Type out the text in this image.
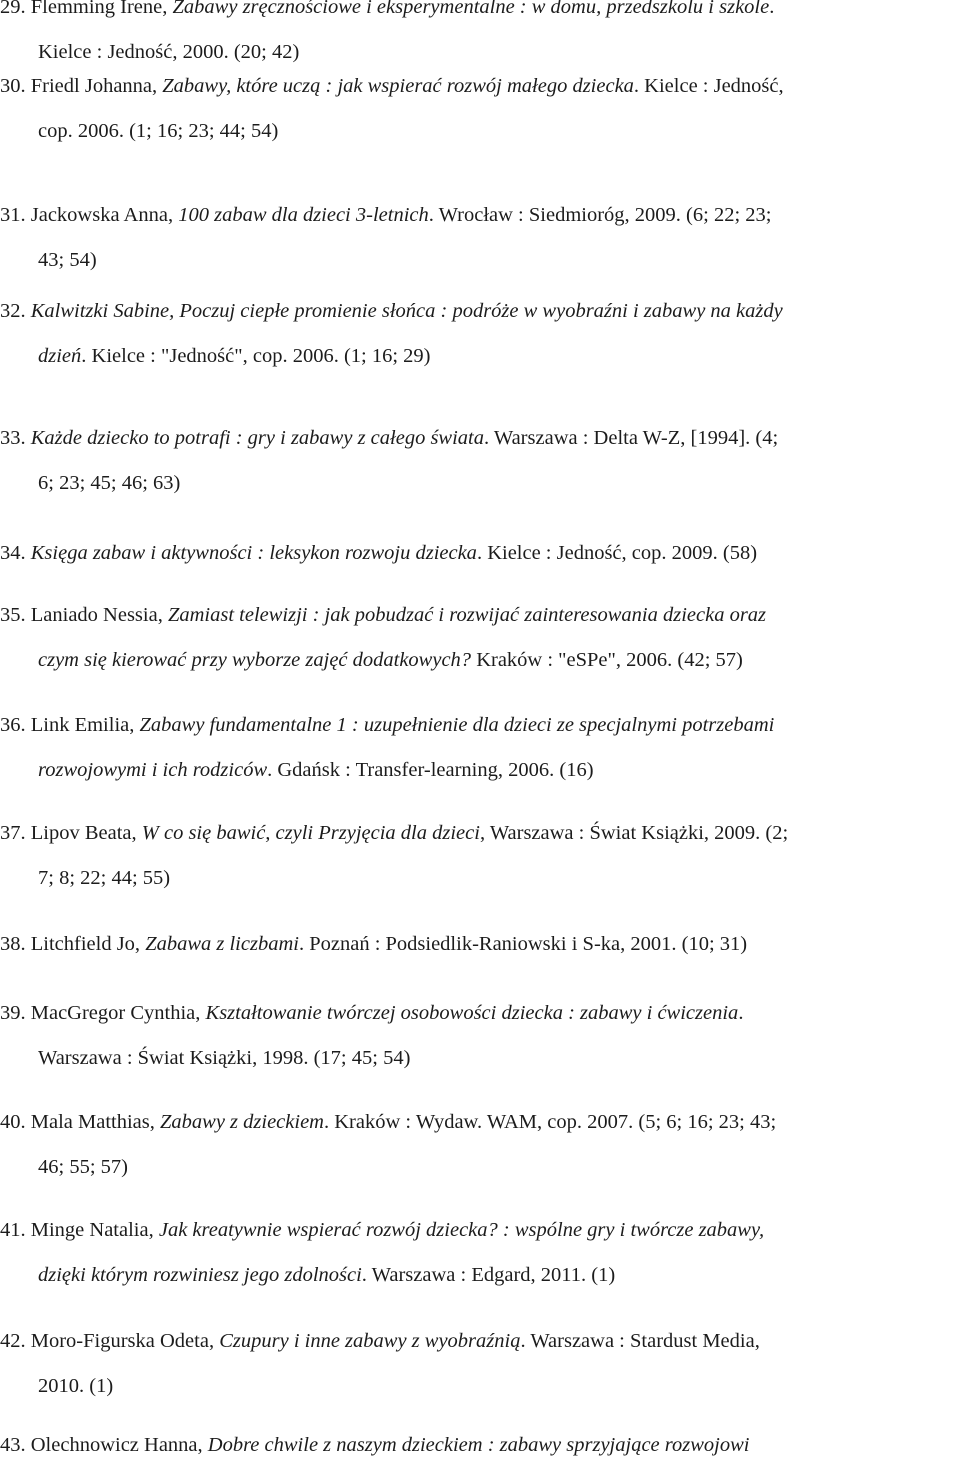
29. Flemming Irene, Zabawy zręcznościowe i eksperymentalne : w domu, przedszkolu i szkole.
Kielce : Jedność, 2000. (20; 42)
30. Friedl Johanna, Zabawy, które uczą : jak wspierać rozwój małego dziecka. Kielce : Jedność,
cop. 2006. (1; 16; 23; 44; 54)
31. Jackowska Anna, 100 zabaw dla dzieci 3-letnich. Wrocław : Siedmioróg, 2009. (6; 22; 23;
43; 54)
32. Kalwitzki Sabine, Poczuj ciepłe promienie słońca : podróże w wyobraźni i zabawy na każdy
dzień. Kielce : "Jedność", cop. 2006. (1; 16; 29)
33. Każde dziecko to potrafi : gry i zabawy z całego świata. Warszawa : Delta W-Z, [1994]. (4;
6; 23; 45; 46; 63)
34. Księga zabaw i aktywności : leksykon rozwoju dziecka. Kielce : Jedność, cop. 2009. (58)
35. Laniado Nessia, Zamiast telewizji : jak pobudzać i rozwijać zainteresowania dziecka oraz
czym się kierować przy wyborze zajęć dodatkowych? Kraków : "eSPe", 2006. (42; 57)
36. Link Emilia, Zabawy fundamentalne 1 : uzupełnienie dla dzieci ze specjalnymi potrzebami
rozwojowymi i ich rodziców. Gdańsk : Transfer-learning, 2006. (16)
37. Lipov Beata, W co się bawić, czyli Przyjęcia dla dzieci, Warszawa : Świat Książki, 2009. (2;
7; 8; 22; 44; 55)
38. Litchfield Jo, Zabawa z liczbami. Poznań : Podsiedlik-Raniowski i S-ka, 2001. (10; 31)
39. MacGregor Cynthia, Kształtowanie twórczej osobowości dziecka : zabawy i ćwiczenia.
Warszawa : Świat Książki, 1998. (17; 45; 54)
40. Mala Matthias, Zabawy z dzieckiem. Kraków : Wydaw. WAM, cop. 2007. (5; 6; 16; 23; 43;
46; 55; 57)
41. Minge Natalia, Jak kreatywnie wspierać rozwój dziecka? : wspólne gry i twórcze zabawy,
dzięki którym rozwiniesz jego zdolności. Warszawa : Edgard, 2011. (1)
42. Moro-Figurska Odeta, Czupury i inne zabawy z wyobraźnią. Warszawa : Stardust Media,
2010. (1)
43. Olechnowicz Hanna, Dobre chwile z naszym dzieckiem : zabawy sprzyjające rozwojowi
